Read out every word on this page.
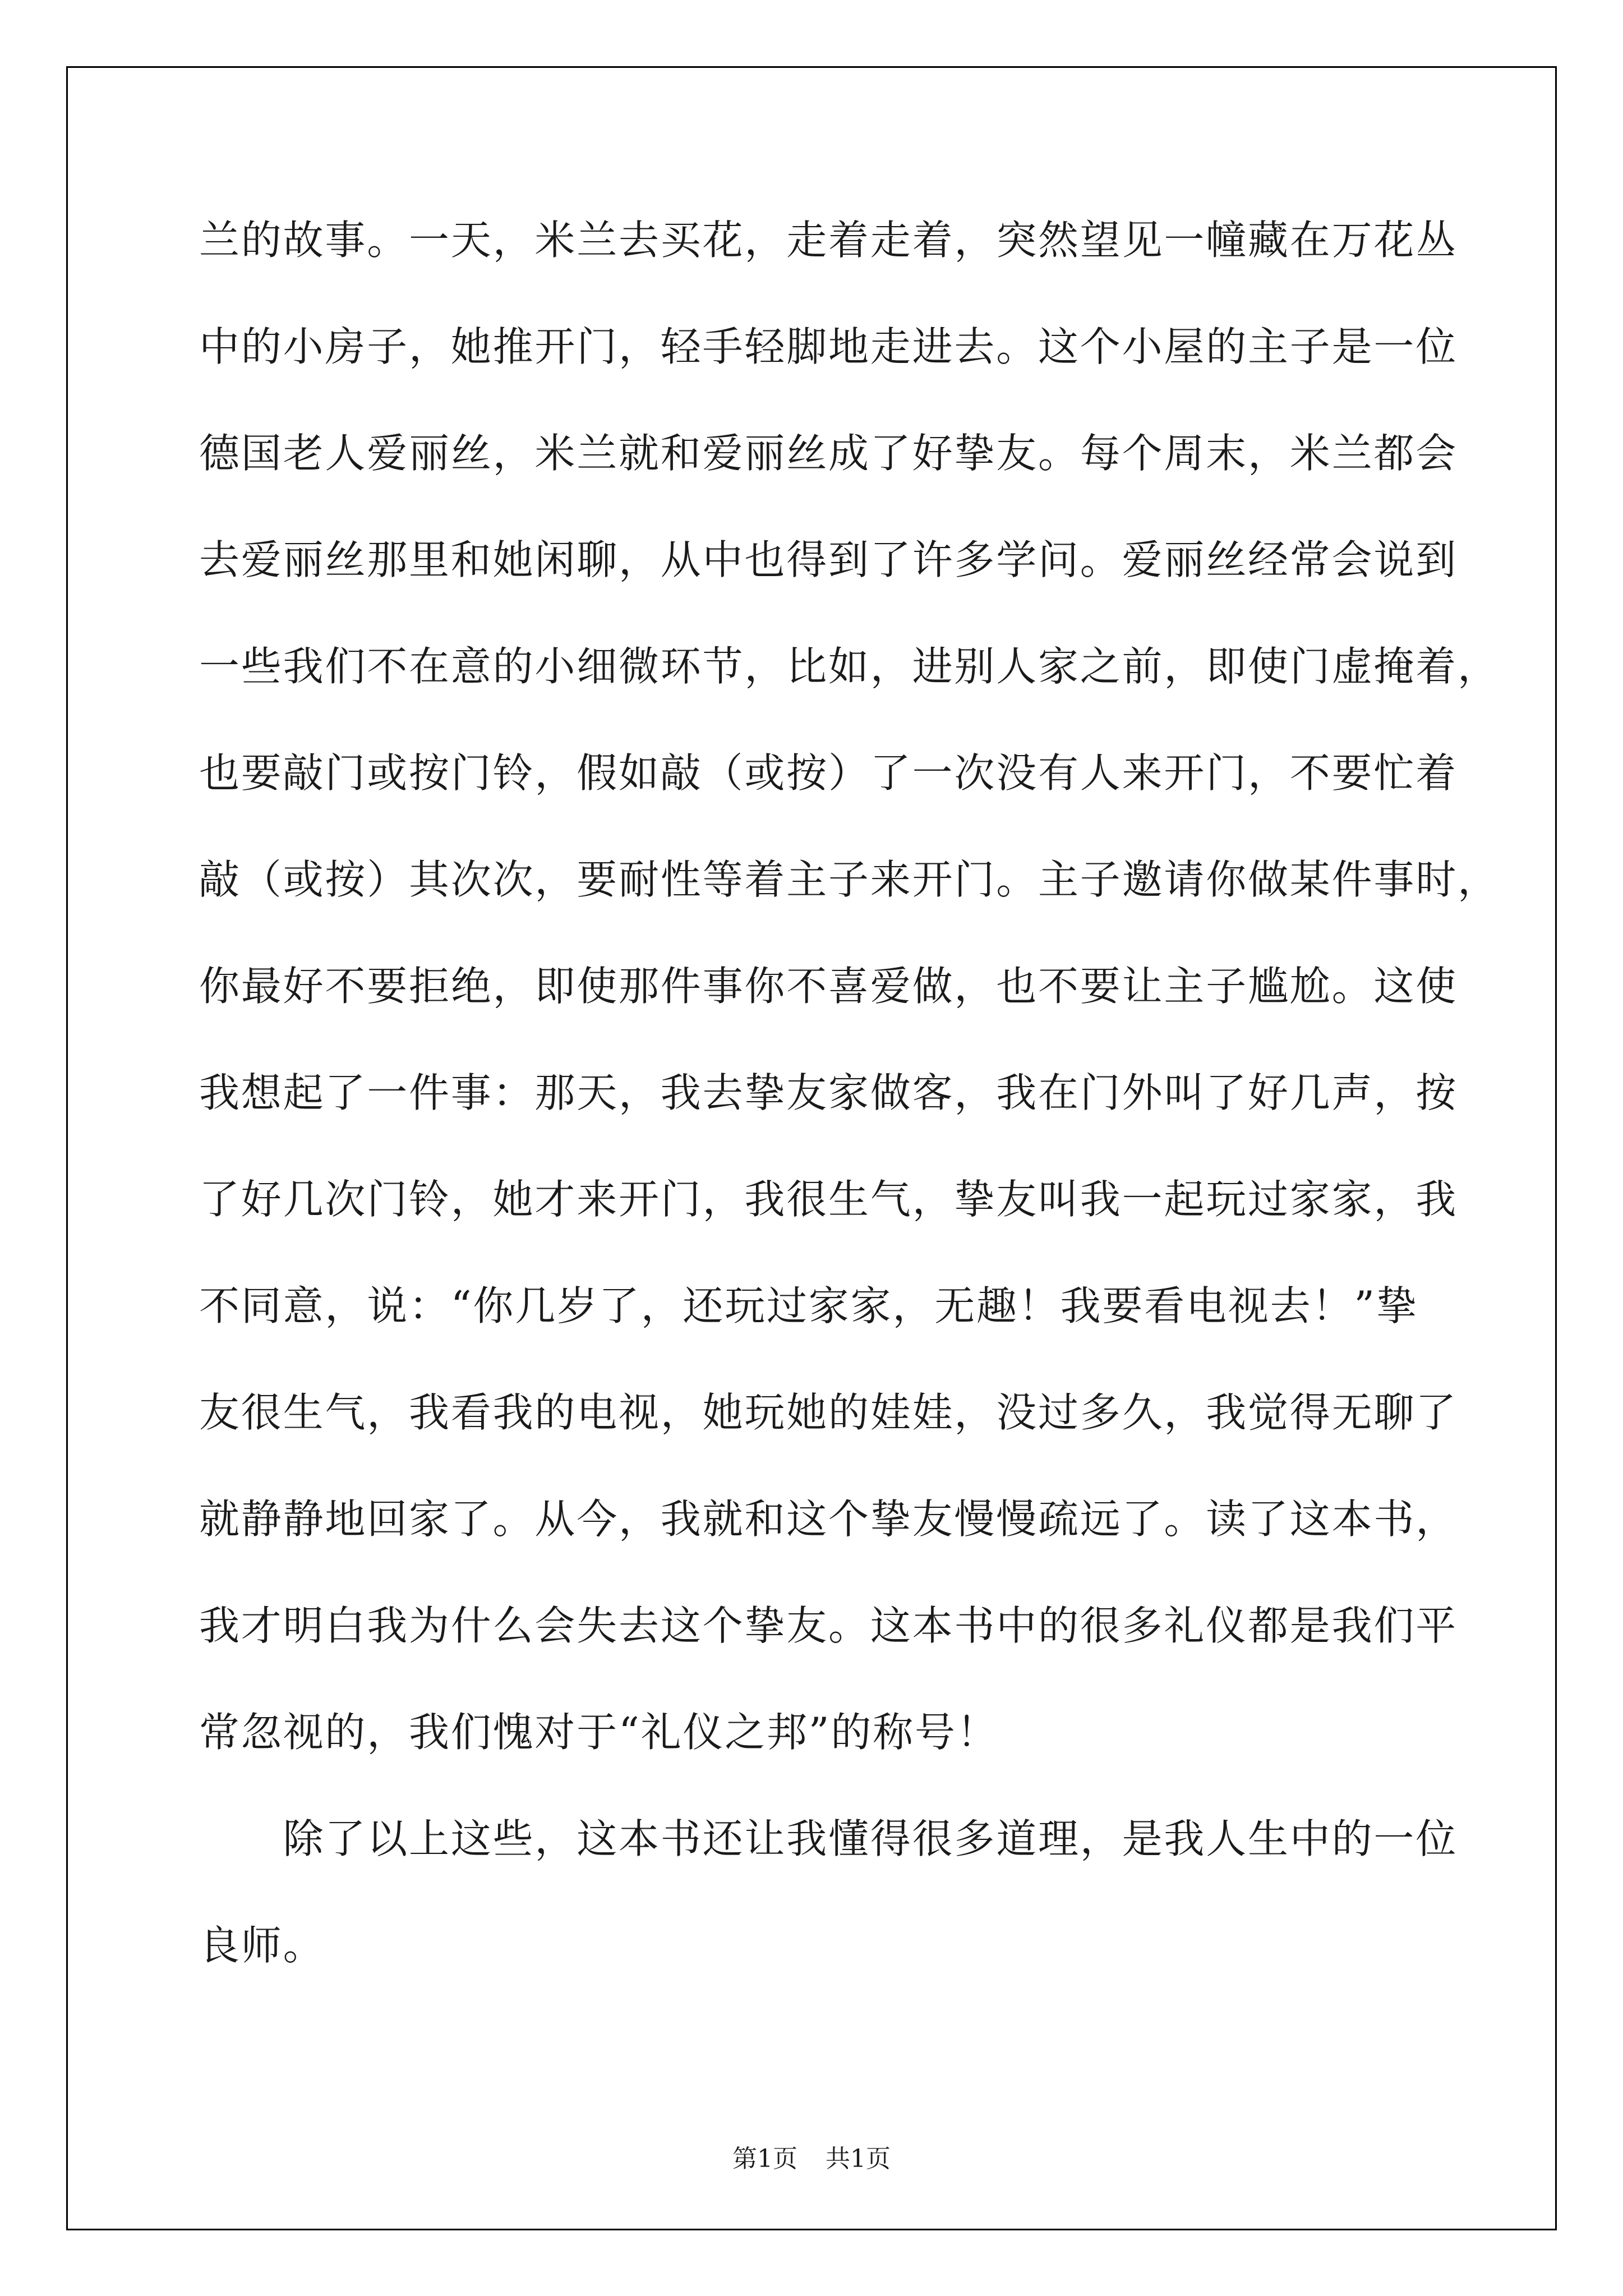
兰的故事。一天，米兰去买花，走着走着，突然望见一幢藏在万花丛
中的小房子，她推开门，轻手轻脚地走进去。这个小屋的主子是一位
德国老人爱丽丝，米兰就和爱丽丝成了好挚友。每个周末，米兰都会
去爱丽丝那里和她闲聊，从中也得到了许多学问。爱丽丝经常会说到
一些我们不在意的小细微环节，比如，进别人家之前，即使门虚掩着，
也要敲门或按门铃，假如敲（或按）了一次没有人来开门，不要忙着
敲（或按）其次次，要耐性等着主子来开门。主子邀请你做某件事时，
你最好不要拒绝，即使那件事你不喜爱做，也不要让主子尴尬。这使
我想起了一件事：那天，我去挚友家做客，我在门外叫了好几声，按
了好几次门铃，她才来开门，我很生气，挚友叫我一起玩过家家，我
不同意，说：“你几岁了，还玩过家家，无趣！我要看电视去！”挚
友很生气，我看我的电视，她玩她的娃娃，没过多久，我觉得无聊了
就静静地回家了。从今，我就和这个挚友慢慢疏远了。读了这本书，
我才明白我为什么会失去这个挚友。这本书中的很多礼仪都是我们平
常忽视的，我们愧对于“礼仪之邦”的称号！
　　除了以上这些，这本书还让我懂得很多道理，是我人生中的一位
良师。
第1页 共1页
